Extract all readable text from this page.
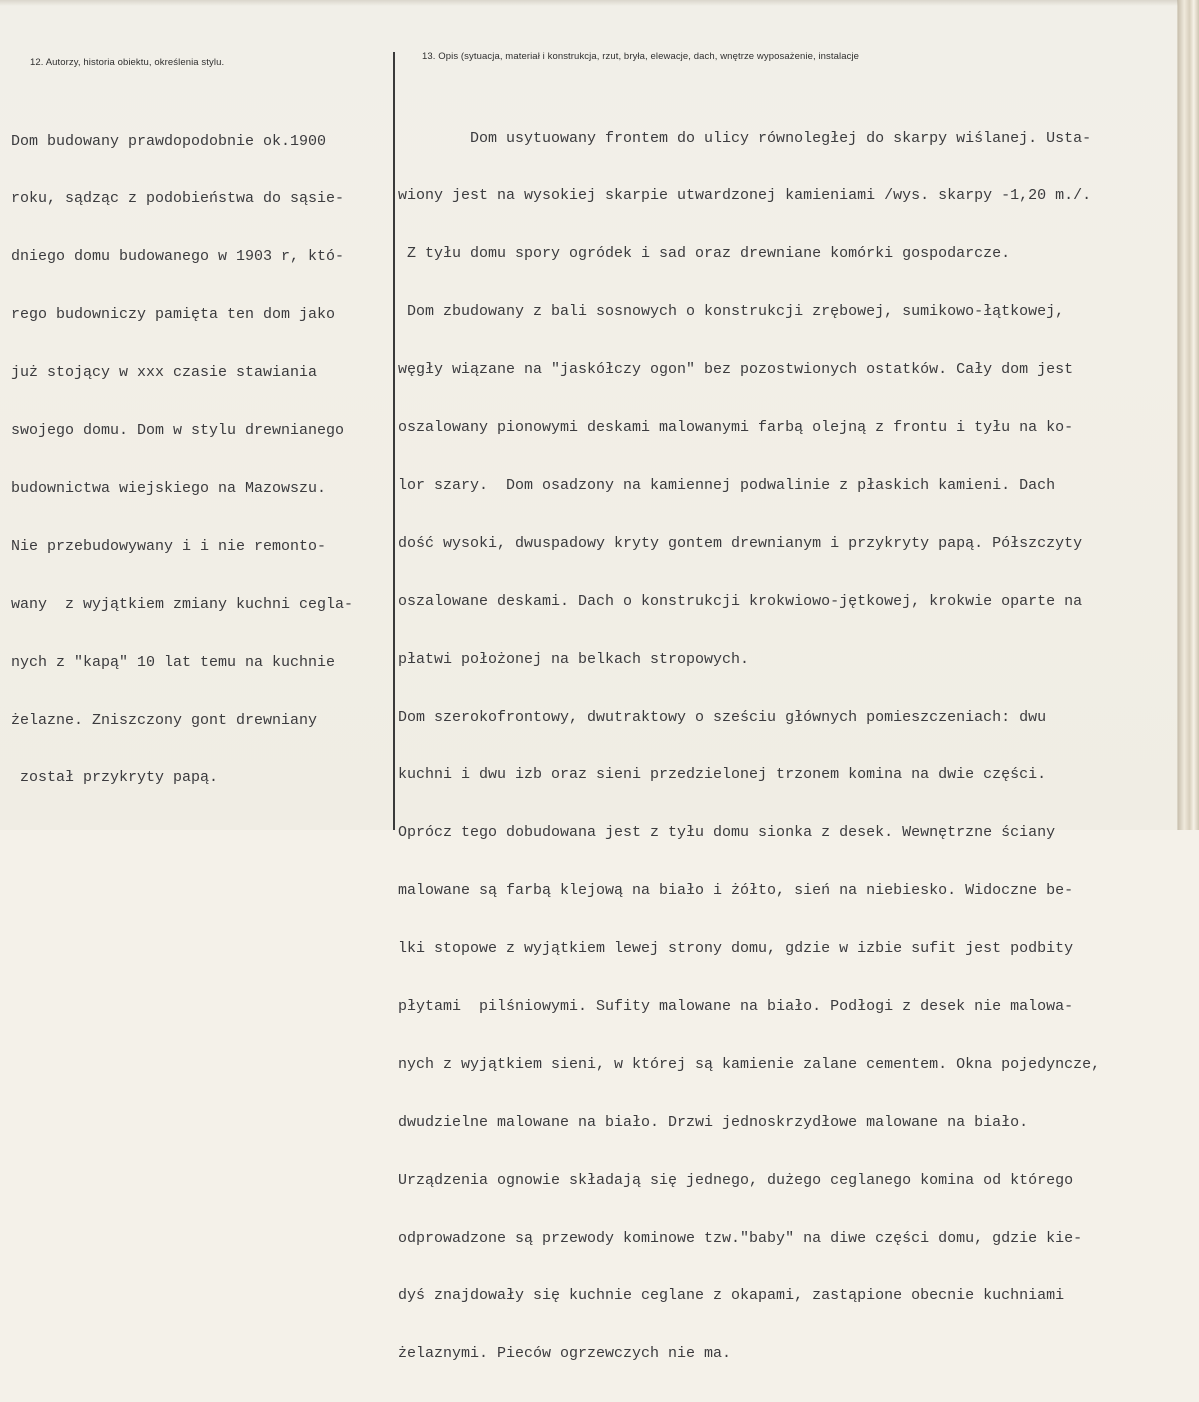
12. Autorzy, historia obiektu, określenia stylu.
13. Opis (sytuacja, materiał i konstrukcja, rzut, bryła, elewacje, dach, wnętrze wyposażenie, instalacje

Dom budowany prawdopodobnie ok.1900

roku, sądząc z podobieństwa do sąsie-

dniego domu budowanego w 1903 r, któ-

rego budowniczy pamięta ten dom jako

już stojący w xxx czasie stawiania

swojego domu. Dom w stylu drewnianego

budownictwa wiejskiego na Mazowszu.

Nie przebudowywany i i nie remonto-

wany  z wyjątkiem zmiany kuchni cegla-

nych z "kapą" 10 lat temu na kuchnie

żelazne. Zniszczony gont drewniany

został przykryty papą.

Dom usytuowany frontem do ulicy równoległej do skarpy wiślanej. Usta-

wiony jest na wysokiej skarpie utwardzonej kamieniami /wys. skarpy -1,20 m./.

Z tyłu domu spory ogródek i sad oraz drewniane komórki gospodarcze.

Dom zbudowany z bali sosnowych o konstrukcji zrębowej, sumikowo-łątkowej,

węgły wiązane na "jaskółczy ogon" bez pozostwionych ostatków. Cały dom jest

oszalowany pionowymi deskami malowanymi farbą olejną z frontu i tyłu na ko-

lor szary.  Dom osadzony na kamiennej podwalinie z płaskich kamieni. Dach

dość wysoki, dwuspadowy kryty gontem drewnianym i przykryty papą. Półszczyty

oszalowane deskami. Dach o konstrukcji krokwiowo-jętkowej, krokwie oparte na

płatwi położonej na belkach stropowych.

Dom szerokofrontowy, dwutraktowy o sześciu głównych pomieszczeniach: dwu

kuchni i dwu izb oraz sieni przedzielonej trzonem komina na dwie części.

Oprócz tego dobudowana jest z tyłu domu sionka z desek. Wewnętrzne ściany

malowane są farbą klejową na biało i żółto, sień na niebiesko. Widoczne be-

lki stopowe z wyjątkiem lewej strony domu, gdzie w izbie sufit jest podbity

płytami  pilśniowymi. Sufity malowane na biało. Podłogi z desek nie malowa-

nych z wyjątkiem sieni, w której są kamienie zalane cementem. Okna pojedyncze,

dwudzielne malowane na biało. Drzwi jednoskrzydłowe malowane na biało.

Urządzenia ognowie składają się jednego, dużego ceglanego komina od którego

odprowadzone są przewody kominowe tzw."baby" na diwe części domu, gdzie kie-

dyś znajdowały się kuchnie ceglane z okapami, zastąpione obecnie kuchniami

żelaznymi. Pieców ogrzewczych nie ma.
